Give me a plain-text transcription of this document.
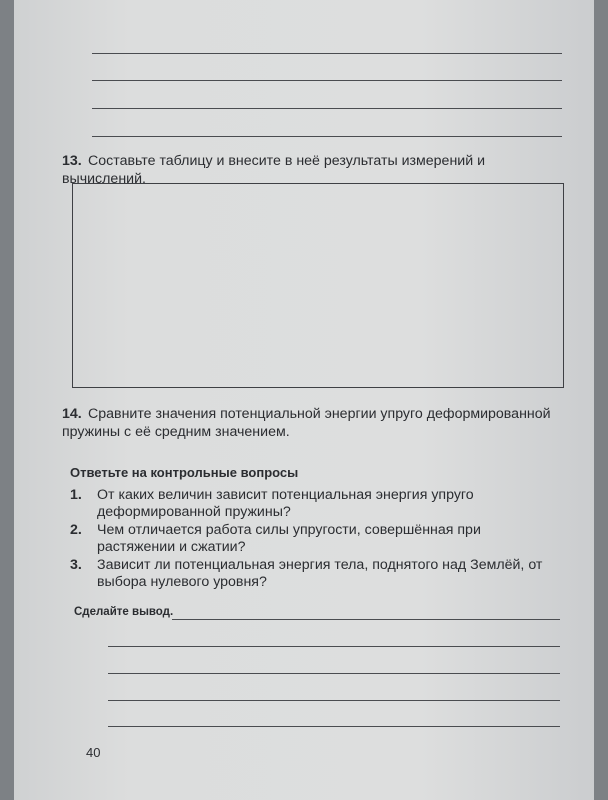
13. Составьте таблицу и внесите в неё результаты измерений и вычислений.
14. Сравните значения потенциальной энергии упруго деформированной пружины с её средним значением.
Ответьте на контрольные вопросы
1. От каких величин зависит потенциальная энергия упруго деформированной пружины?
2. Чем отличается работа силы упругости, совершённая при растяжении и сжатии?
3. Зависит ли потенциальная энергия тела, поднятого над Землёй, от выбора нулевого уровня?
Сделайте вывод.
40
